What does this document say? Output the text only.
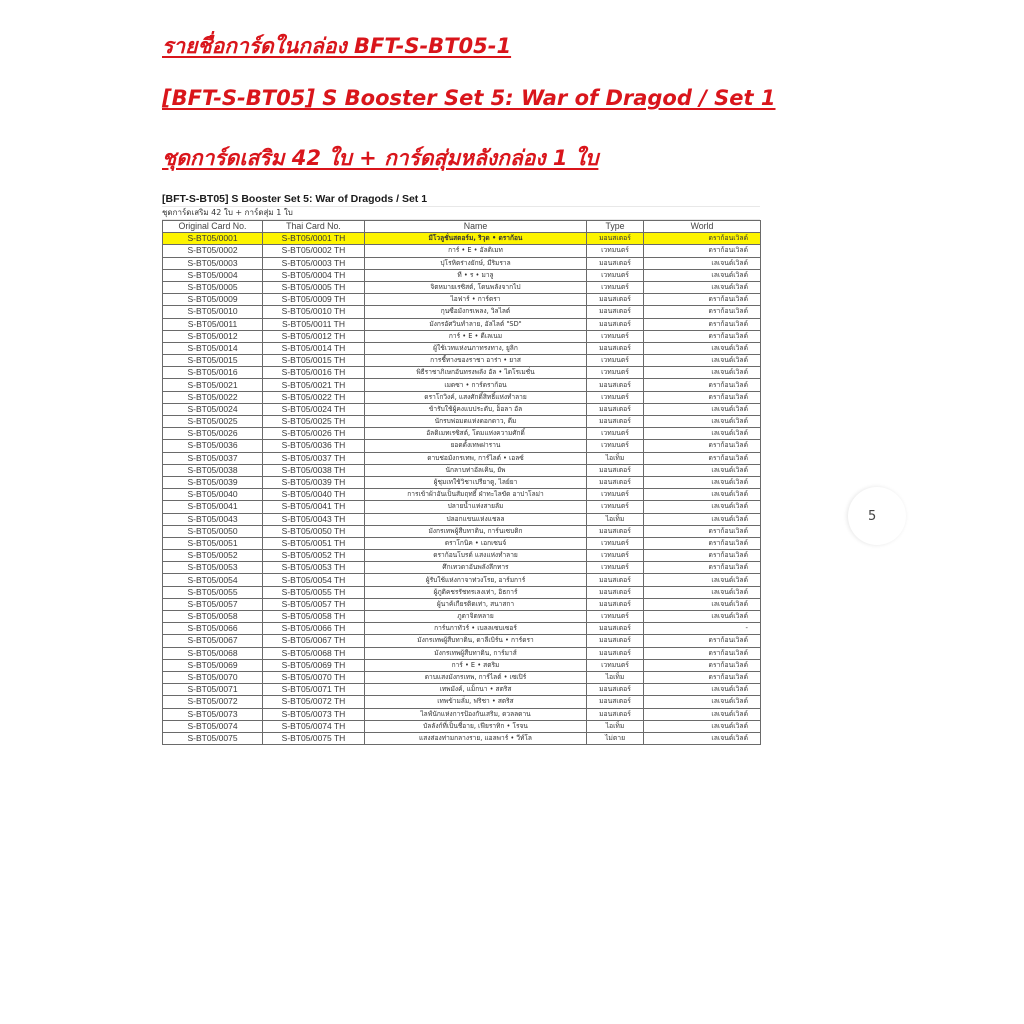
รายชื่อการ์ดในกล่อง BFT-S-BT05-1
[BFT-S-BT05] S Booster Set 5: War of Dragod / Set 1
ชุดการ์ดเสริม 42 ใบ + การ์ดสุ่มหลังกล่อง 1 ใบ
[BFT-S-BT05] S Booster Set 5: War of Dragods / Set 1
ชุดการ์ดเสริม 42 ใบ + การ์ดสุ่ม 1 ใบ
Original Card No.	Thai Card No.	Name	Type	World
S-BT05/0001	S-BT05/0001 TH	มีโวลูชั่นสตอร์ม, ริวุด • ดราก้อน	มอนสเตอร์	ดราก้อนเวิลด์
S-BT05/0002	S-BT05/0002 TH	การ์ • E • อัลติเมท	เวทมนตร์	ดราก้อนเวิลด์
S-BT05/0003	S-BT05/0003 TH	ปุโรหิตร่างยักษ์, มีริมราล	มอนสเตอร์	เลเจนด์เวิลด์
S-BT05/0004	S-BT05/0004 TH	ที • ร • มาลู	เวทมนตร์	เลเจนด์เวิลด์
S-BT05/0005	S-BT05/0005 TH	จิตหมายเรซิสต์, โดนพลังจากไป	เวทมนตร์	เลเจนด์เวิลด์
S-BT05/0009	S-BT05/0009 TH	ไอฟาร์ • การ์ดรา	มอนสเตอร์	ดราก้อนเวิลด์
S-BT05/0010	S-BT05/0010 TH	กุนซือมังกรเพลง, วิลไลต์	มอนสเตอร์	ดราก้อนเวิลด์
S-BT05/0011	S-BT05/0011 TH	มังกรอัศวินทำลาย, อัลไลต์ "SD"	มอนสเตอร์	ดราก้อนเวิลด์
S-BT05/0012	S-BT05/0012 TH	การ์ • E • ดีเลเนม	เวทมนตร์	ดราก้อนเวิลด์
S-BT05/0014	S-BT05/0014 TH	ผู้ใช้เวทแห่งนภาทรงทาง, ยูลิก	มอนสเตอร์	เลเจนด์เวิลด์
S-BT05/0015	S-BT05/0015 TH	การชี้ทางของราชา อาร่า • ยาส	เวทมนตร์	เลเจนด์เวิลด์
S-BT05/0016	S-BT05/0016 TH	พิธีราชาภิเษกอันทรงพลัง อัล • ไดโรเมชั่น	เวทมนตร์	เลเจนด์เวิลด์
S-BT05/0021	S-BT05/0021 TH	เมดซา • การ์ดราก้อน	มอนสเตอร์	ดราก้อนเวิลด์
S-BT05/0022	S-BT05/0022 TH	ดราโกวิงค์, แสงศักดิ์สิทธิ์แห่งทำลาย	เวทมนตร์	ดราก้อนเวิลด์
S-BT05/0024	S-BT05/0024 TH	ข้ารับใช้ผู้คงแบประดับ, อ็อลา อัล	มอนสเตอร์	เลเจนด์เวิลด์
S-BT05/0025	S-BT05/0025 TH	นักรบพ่อมดแห่งดอกดาว, ดีม	มอนสเตอร์	เลเจนด์เวิลด์
S-BT05/0026	S-BT05/0026 TH	อัลติเมทเรซิสต์, โดมแห่งความศักดิ์	เวทมนตร์	เลเจนด์เวิลด์
S-BT05/0036	S-BT05/0036 TH	ยอดดั้งเทพผ่าราน	เวทมนตร์	ดราก้อนเวิลด์
S-BT05/0037	S-BT05/0037 TH	ดาบช่อมังกรเทพ, การ์ไลต์ • เอลซ์	ไอเท็ม	ดราก้อนเวิลด์
S-BT05/0038	S-BT05/0038 TH	นักลาบท่าอัลเคิน, ยัพ	มอนสเตอร์	เลเจนด์เวิลด์
S-BT05/0039	S-BT05/0039 TH	ผู้ชุมเทใช้วิชาเปรียาดู, ไลย์ยา	มอนสเตอร์	เลเจนด์เวิลด์
S-BT05/0040	S-BT05/0040 TH	การเข้าผ้าอันเป็นสัมฤทธิ์ ฝ่าทะไลขัด อาปาโลม่า	เวทมนตร์	เลเจนด์เวิลด์
S-BT05/0041	S-BT05/0041 TH	ปลายน้ำแห่งสายลัม	เวทมนตร์	เลเจนด์เวิลด์
S-BT05/0043	S-BT05/0043 TH	ปลอกแขนแห่งแชลล	ไอเท็ม	เลเจนด์เวิลด์
S-BT05/0050	S-BT05/0050 TH	มังกรเทพผู้สืบทาติน, การ์นเซบติก	มอนสเตอร์	ดราก้อนเวิลด์
S-BT05/0051	S-BT05/0051 TH	ดราโกนิค • เอกเซนจ์	เวทมนตร์	ดราก้อนเวิลด์
S-BT05/0052	S-BT05/0052 TH	ดราก้อนโบรด์ แสงแห่งทำลาย	เวทมนตร์	ดราก้อนเวิลด์
S-BT05/0053	S-BT05/0053 TH	ศึกเทวดาอันพลังลึกทาร	เวทมนตร์	ดราก้อนเวิลด์
S-BT05/0054	S-BT05/0054 TH	ผู้รับใช้แห่งกาจาท่วงโรย, อาร์มการ์	มอนสเตอร์	เลเจนด์เวิลด์
S-BT05/0055	S-BT05/0055 TH	ผู้ภูติคชรรัชทรเลงเท่า, อิธการ์	มอนสเตอร์	เลเจนด์เวิลด์
S-BT05/0057	S-BT05/0057 TH	ผู้นาค้เกียรติดเท่า, สนาสกา	มอนสเตอร์	เลเจนด์เวิลด์
S-BT05/0058	S-BT05/0058 TH	ภูตาจิตหลาย	เวทมนตร์	เลเจนด์เวิลด์
S-BT05/0066	S-BT05/0066 TH	การ์นกาทัวร์ • เบลลเซบเซอร์	มอนสเตอร์	-
S-BT05/0067	S-BT05/0067 TH	มังกรเทพผู้สืบทาติน, ดาลีเบิร์น • การ์ดรา	มอนสเตอร์	ดราก้อนเวิลด์
S-BT05/0068	S-BT05/0068 TH	มังกรเทพผู้สืบทาติน, การ์มาส์	มอนสเตอร์	ดราก้อนเวิลด์
S-BT05/0069	S-BT05/0069 TH	การ์ • E • สตริม	เวทมนตร์	ดราก้อนเวิลด์
S-BT05/0070	S-BT05/0070 TH	ดาบแสงมังกรเทพ, การ์ไลต์ • เซเปิร์	ไอเท็ม	ดราก้อนเวิลด์
S-BT05/0071	S-BT05/0071 TH	เทพมังค์, แม็กนา • สตริส	มอนสเตอร์	เลเจนด์เวิลด์
S-BT05/0072	S-BT05/0072 TH	เทพข้ามลั่ม, ฟริชา • สตริส	มอนสเตอร์	เลเจนด์เวิลด์
S-BT05/0073	S-BT05/0073 TH	ไลฟ์นักแห่งการป้องกันเสริม, ดวลลดาน	มอนสเตอร์	เลเจนด์เวิลด์
S-BT05/0074	S-BT05/0074 TH	บัลลังก์ที่เป็นชื่อาย, เฟียราทิก • โรจน	ไอเท็ม	เลเจนด์เวิลด์
S-BT05/0075	S-BT05/0075 TH	แสงส่องท่ามกลางราย, แอลพาร์ • วีท์โล	ไม่ตาย	เลเจนด์เวิลด์
5
